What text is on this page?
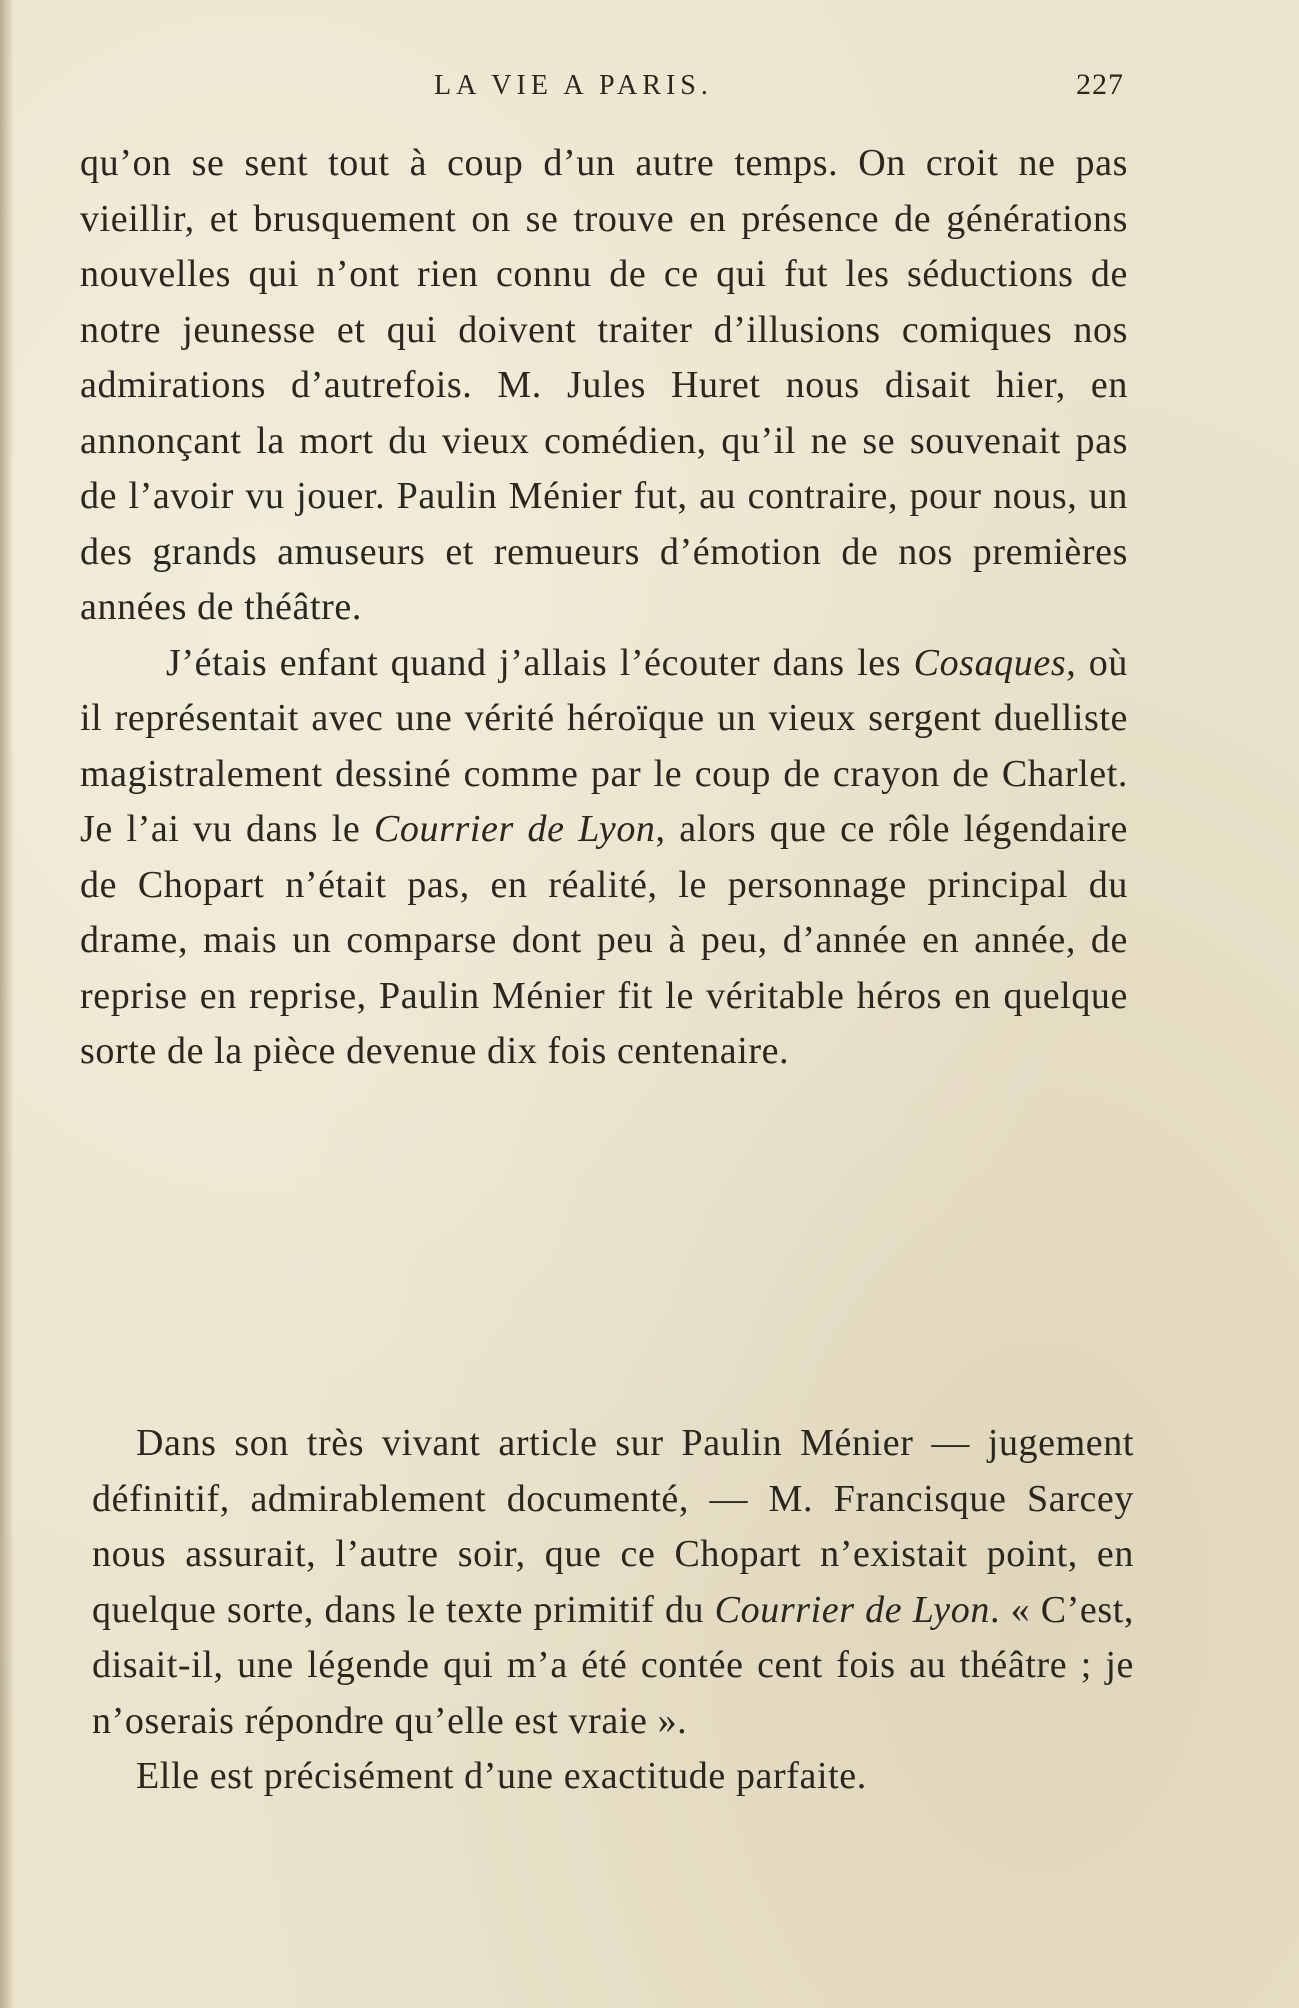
LA VIE A PARIS.	227

qu’on se sent tout à coup d’un autre temps. On croit ne pas vieillir, et brusquement on se trouve en présence de générations nouvelles qui n’ont rien connu de ce qui fut les séductions de notre jeunesse et qui doivent traiter d’illusions comiques nos admirations d’autrefois. M. Jules Huret nous disait hier, en annonçant la mort du vieux comédien, qu’il ne se souvenait pas de l’avoir vu jouer. Paulin Ménier fut, au contraire, pour nous, un des grands amuseurs et remueurs d’émotion de nos premières années de théâtre.

J’étais enfant quand j’allais l’écouter dans les Cosaques, où il représentait avec une vérité héroïque un vieux sergent duelliste magistralement dessiné comme par le coup de crayon de Charlet. Je l’ai vu dans le Courrier de Lyon, alors que ce rôle légendaire de Chopart n’était pas, en réalité, le personnage principal du drame, mais un comparse dont peu à peu, d’année en année, de reprise en reprise, Paulin Ménier fit le véritable héros en quelque sorte de la pièce devenue dix fois centenaire.

Dans son très vivant article sur Paulin Ménier — jugement définitif, admirablement documenté, — M. Francisque Sarcey nous assurait, l’autre soir, que ce Chopart n’existait point, en quelque sorte, dans le texte primitif du Courrier de Lyon. « C’est, disait-il, une légende qui m’a été contée cent fois au théâtre ; je n’oserais répondre qu’elle est vraie ».

Elle est précisément d’une exactitude parfaite.
